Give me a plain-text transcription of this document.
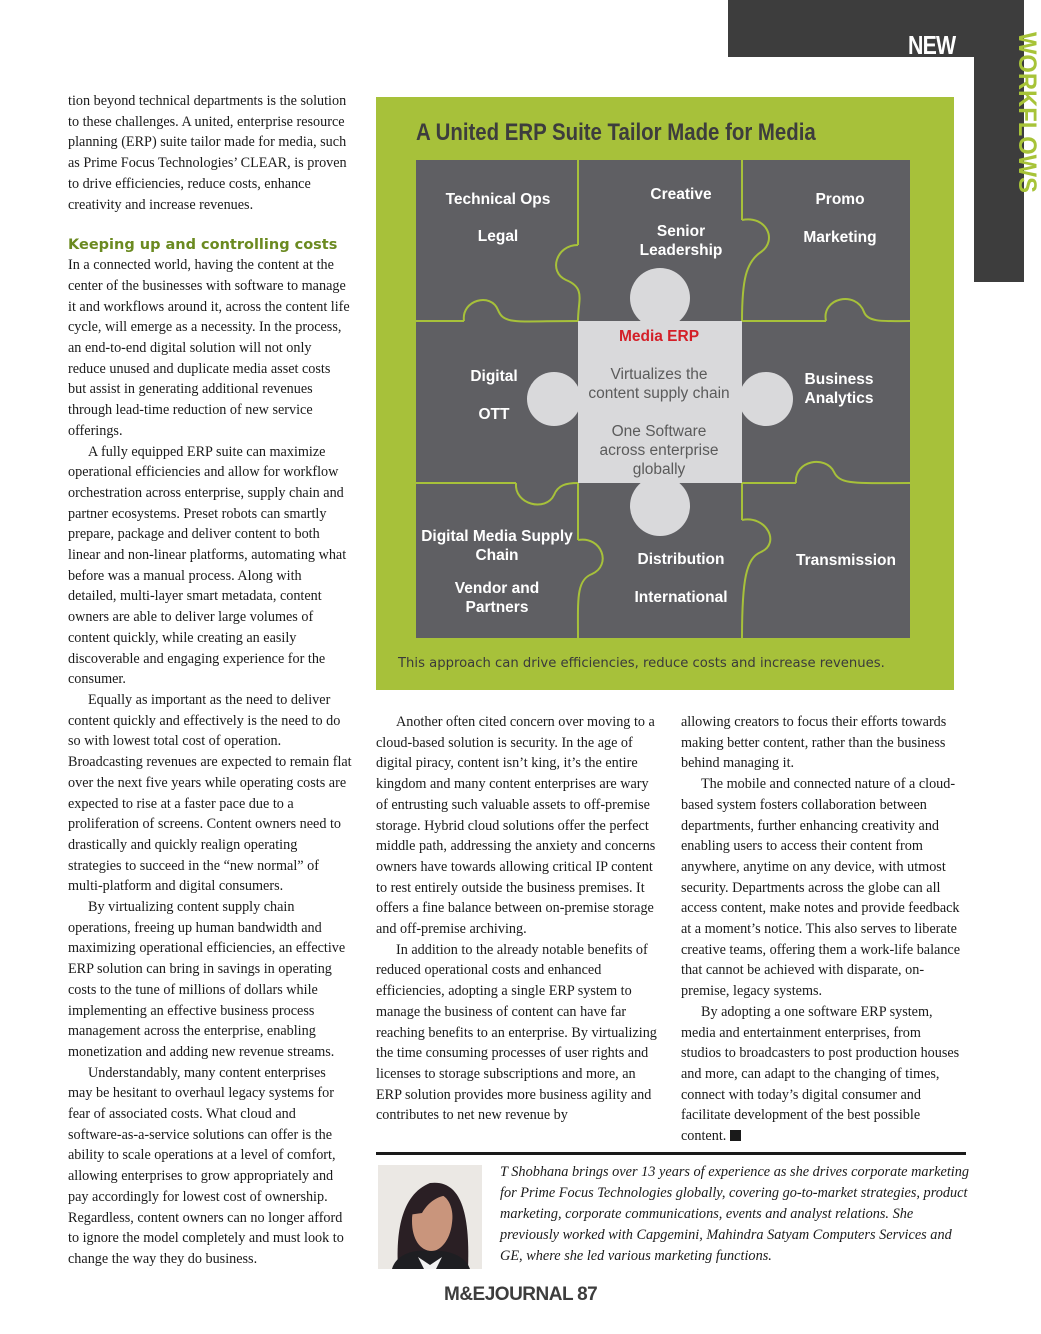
NEW WORKFLOWS

tion beyond technical departments is the solution to these challenges. A united, enterprise resource planning (ERP) suite tailor made for media, such as Prime Focus Technologies’ CLEAR, is proven to drive efficiencies, reduce costs, enhance creativity and increase revenues.

Keeping up and controlling costs

In a connected world, having the content at the center of the businesses with software to manage it and workflows around it, across the content life cycle, will emerge as a necessity. In the process, an end-to-end digital solution will not only reduce unused and duplicate media asset costs but assist in generating additional revenues through lead-time reduction of new service offerings.

A fully equipped ERP suite can maximize operational efficiencies and allow for workflow orchestration across enterprise, supply chain and partner ecosystems. Preset robots can smartly prepare, package and deliver content to both linear and non-linear platforms, automating what before was a manual process. Along with detailed, multi-layer smart metadata, content owners are able to deliver large volumes of content quickly, while creating an easily discoverable and engaging experience for the consumer.

Equally as important as the need to deliver content quickly and effectively is the need to do so with lowest total cost of operation. Broadcasting revenues are expected to remain flat over the next five years while operating costs are expected to rise at a faster pace due to a proliferation of screens. Content owners need to drastically and quickly realign operating strategies to succeed in the “new normal” of multi-platform and digital consumers.

By virtualizing content supply chain operations, freeing up human bandwidth and maximizing operational efficiencies, an effective ERP solution can bring in savings in operating costs to the tune of millions of dollars while implementing an effective business process management across the enterprise, enabling monetization and adding new revenue streams.

Understandably, many content enterprises may be hesitant to overhaul legacy systems for fear of associated costs. What cloud and software-as-a-service solutions can offer is the ability to scale operations at a level of comfort, allowing enterprises to grow appropriately and pay accordingly for lowest cost of ownership. Regardless, content owners can no longer afford to ignore the model completely and must look to change the way they do business.

A United ERP Suite Tailor Made for Media
Technical Ops
Legal
Creative
Senior
Leadership
Promo
Marketing
Digital
OTT
Media ERP
Virtualizes the
content supply chain
One Software
across enterprise
globally
Business
Analytics
Digital Media Supply
Chain
Vendor and
Partners
Distribution
International
Transmission
This approach can drive efficiencies, reduce costs and increase revenues.

Another often cited concern over moving to a cloud-based solution is security. In the age of digital piracy, content isn’t king, it’s the entire kingdom and many content enterprises are wary of entrusting such valuable assets to off-premise storage. Hybrid cloud solutions offer the perfect middle path, addressing the anxiety and concerns owners have towards allowing critical IP content to rest entirely outside the business premises. It offers a fine balance between on-premise storage and off-premise archiving.

In addition to the already notable benefits of reduced operational costs and enhanced efficiencies, adopting a single ERP system to manage the business of content can have far reaching benefits to an enterprise. By virtualizing the time consuming processes of user rights and licenses to storage subscriptions and more, an ERP solution provides more business agility and contributes to net new revenue by

allowing creators to focus their efforts towards making better content, rather than the business behind managing it.

The mobile and connected nature of a cloud-based system fosters collaboration between departments, further enhancing creativity and enabling users to access their content from anywhere, anytime on any device, with utmost security. Departments across the globe can all access content, make notes and provide feedback at a moment’s notice. This also serves to liberate creative teams, offering them a work-life balance that cannot be achieved with disparate, on-premise, legacy systems.

By adopting a one software ERP system, media and entertainment enterprises, from studios to broadcasters to post production houses and more, can adapt to the changing of times, connect with today’s digital consumer and facilitate development of the best possible content.

T Shobhana brings over 13 years of experience as she drives corporate marketing for Prime Focus Technologies globally, covering go-to-market strategies, product marketing, corporate communications, events and analyst relations. She previously worked with Capgemini, Mahindra Satyam Computers Services and GE, where she led various marketing functions.
M&EJOURNAL 87
